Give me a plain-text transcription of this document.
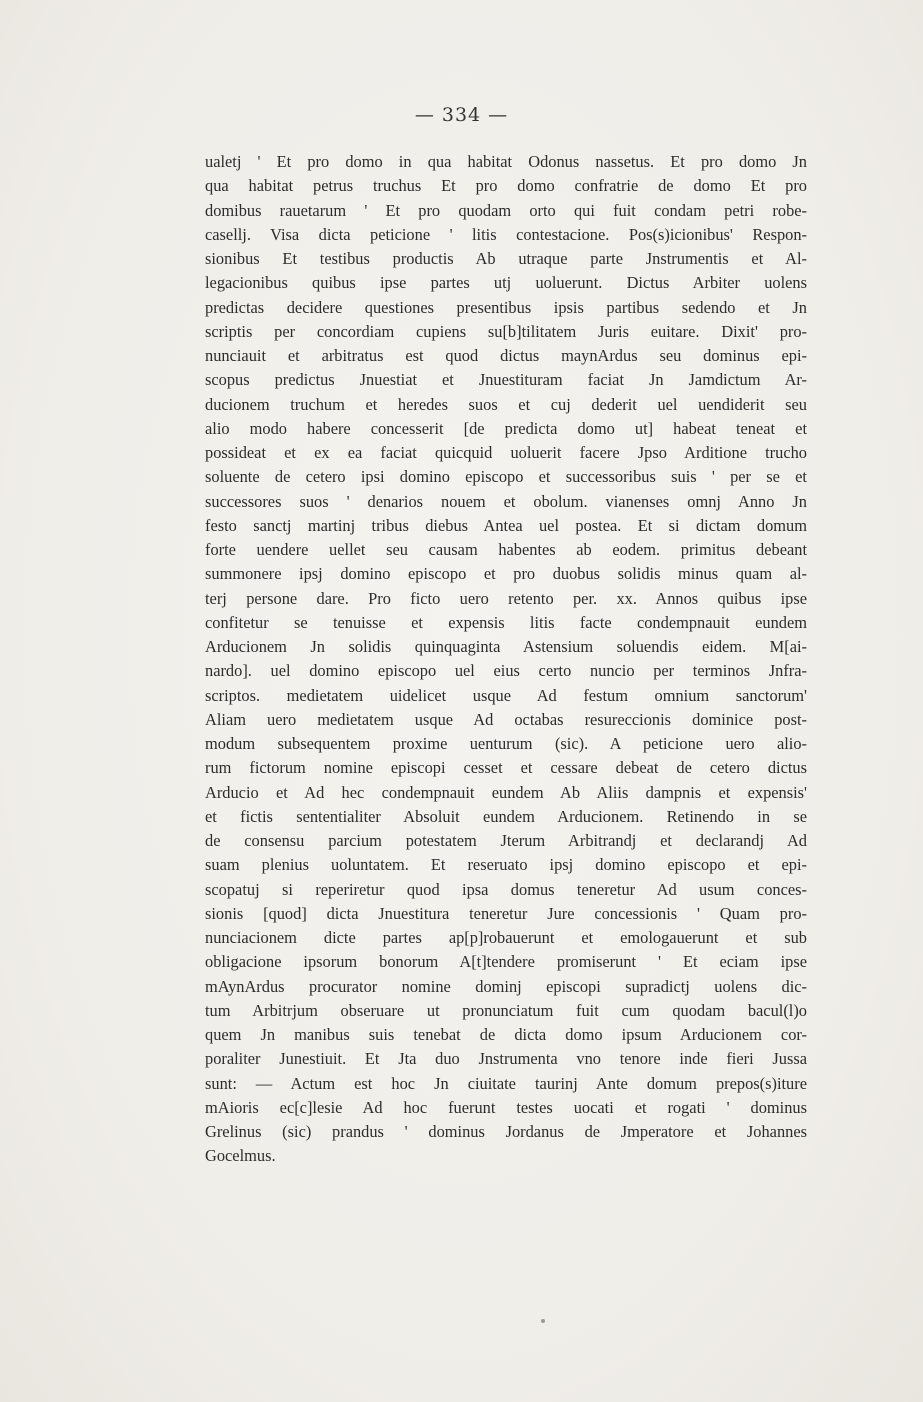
— 334 —
ualetj ' Et pro domo in qua habitat Odonus nassetus. Et pro domo Jn
qua habitat petrus truchus Et pro domo confratrie de domo Et pro
domibus rauetarum ' Et pro quodam orto qui fuit condam petri robe-
casellj. Visa dicta peticione ' litis contestacione. Pos(s)icionibus' Respon-
sionibus Et testibus productis Ab utraque parte Jnstrumentis et Al-
legacionibus quibus ipse partes utj uoluerunt. Dictus Arbiter uolens
predictas decidere questiones presentibus ipsis partibus sedendo et Jn
scriptis per concordiam cupiens su[b]tilitatem Juris euitare. Dixit' pro-
nunciauit et arbitratus est quod dictus maynArdus seu dominus epi-
scopus predictus Jnuestiat et Jnuestituram faciat Jn Jamdictum Ar-
ducionem truchum et heredes suos et cuj dederit uel uendiderit seu
alio modo habere concesserit [de predicta domo ut] habeat teneat et
possideat et ex ea faciat quicquid uoluerit facere Jpso Arditione trucho
soluente de cetero ipsi domino episcopo et successoribus suis ' per se et
successores suos ' denarios nouem et obolum. vianenses omnj Anno Jn
festo sanctj martinj tribus diebus Antea uel postea. Et si dictam domum
forte uendere uellet seu causam habentes ab eodem. primitus debeant
summonere ipsj domino episcopo et pro duobus solidis minus quam al-
terj persone dare. Pro ficto uero retento per. xx. Annos quibus ipse
confitetur se tenuisse et expensis litis facte condempnauit eundem
Arducionem Jn solidis quinquaginta Astensium soluendis eidem. M[ai-
nardo]. uel domino episcopo uel eius certo nuncio per terminos Jnfra-
scriptos. medietatem uidelicet usque Ad festum omnium sanctorum'
Aliam uero medietatem usque Ad octabas resureccionis dominice post-
modum subsequentem proxime uenturum (sic). A peticione uero alio-
rum fictorum nomine episcopi cesset et cessare debeat de cetero dictus
Arducio et Ad hec condempnauit eundem Ab Aliis dampnis et expensis'
et fictis sententialiter Absoluit eundem Arducionem. Retinendo in se
de consensu parcium potestatem Jterum Arbitrandj et declarandj Ad
suam plenius uoluntatem. Et reseruato ipsj domino episcopo et epi-
scopatuj si reperiretur quod ipsa domus teneretur Ad usum conces-
sionis [quod] dicta Jnuestitura teneretur Jure concessionis ' Quam pro-
nunciacionem dicte partes ap[p]robauerunt et emologauerunt et sub
obligacione ipsorum bonorum A[t]tendere promiserunt ' Et eciam ipse
mAynArdus procurator nomine dominj episcopi supradictj uolens dic-
tum Arbitrjum obseruare ut pronunciatum fuit cum quodam bacul(l)o
quem Jn manibus suis tenebat de dicta domo ipsum Arducionem cor-
poraliter Junestiuit. Et Jta duo Jnstrumenta vno tenore inde fieri Jussa
sunt: — Actum est hoc Jn ciuitate taurinj Ante domum prepos(s)iture
mAioris ec[c]lesie Ad hoc fuerunt testes uocati et rogati ' dominus
Grelinus (sic) prandus ' dominus Jordanus de Jmperatore et Johannes
Gocelmus.
